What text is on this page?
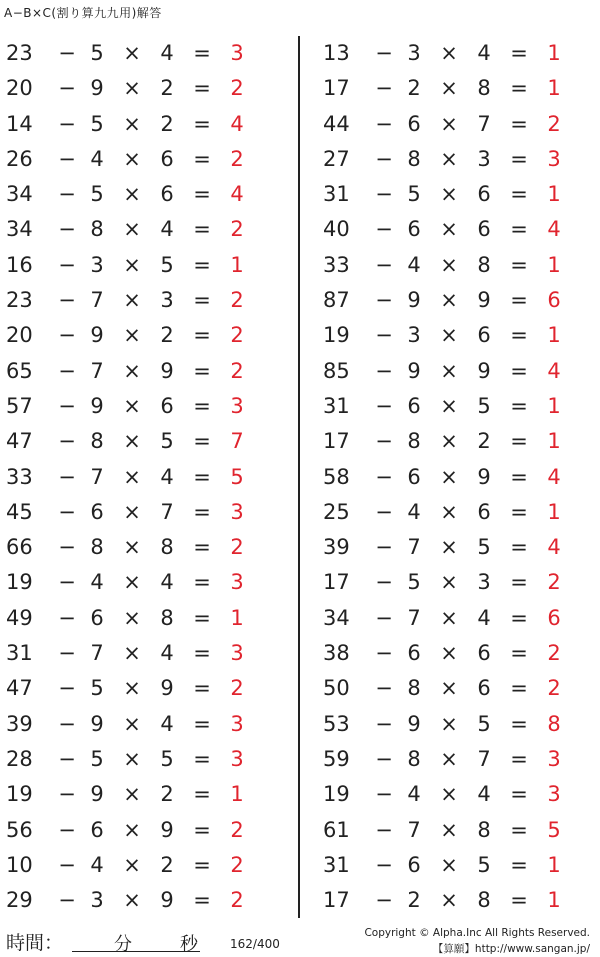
A−B×C(割り算九九用)解答
23	− 5 × 4 = 3
20	− 9 × 2 = 2
14	− 5 × 2 = 4
26	− 4 × 6 = 2
34	− 5 × 6 = 4
34	− 8 × 4 = 2
16	− 3 × 5 = 1
23	− 7 × 3 = 2
20	− 9 × 2 = 2
65	− 7 × 9 = 2
57	− 9 × 6 = 3
47	− 8 × 5 = 7
33	− 7 × 4 = 5
45	− 6 × 7 = 3
66	− 8 × 8 = 2
19	− 4 × 4 = 3
49	− 6 × 8 = 1
31	− 7 × 4 = 3
47	− 5 × 9 = 2
39	− 9 × 4 = 3
28	− 5 × 5 = 3
19	− 9 × 2 = 1
56	− 6 × 9 = 2
10	− 4 × 2 = 2
29	− 3 × 9 = 2
13	− 3 × 4 = 1
17	− 2 × 8 = 1
44	− 6 × 7 = 2
27	− 8 × 3 = 3
31	− 5 × 6 = 1
40	− 6 × 6 = 4
33	− 4 × 8 = 1
87	− 9 × 9 = 6
19	− 3 × 6 = 1
85	− 9 × 9 = 4
31	− 6 × 5 = 1
17	− 8 × 2 = 1
58	− 6 × 9 = 4
25	− 4 × 6 = 1
39	− 7 × 5 = 4
17	− 5 × 3 = 2
34	− 7 × 4 = 6
38	− 6 × 6 = 2
50	− 8 × 6 = 2
53	− 9 × 5 = 8
59	− 8 × 7 = 3
19	− 4 × 4 = 3
61	− 7 × 8 = 5
31	− 6 × 5 = 1
17	− 2 × 8 = 1
時間：	分	秒	162/400
Copyright © Alpha.Inc All Rights Reserved.
【算願】http://www.sangan.jp/
